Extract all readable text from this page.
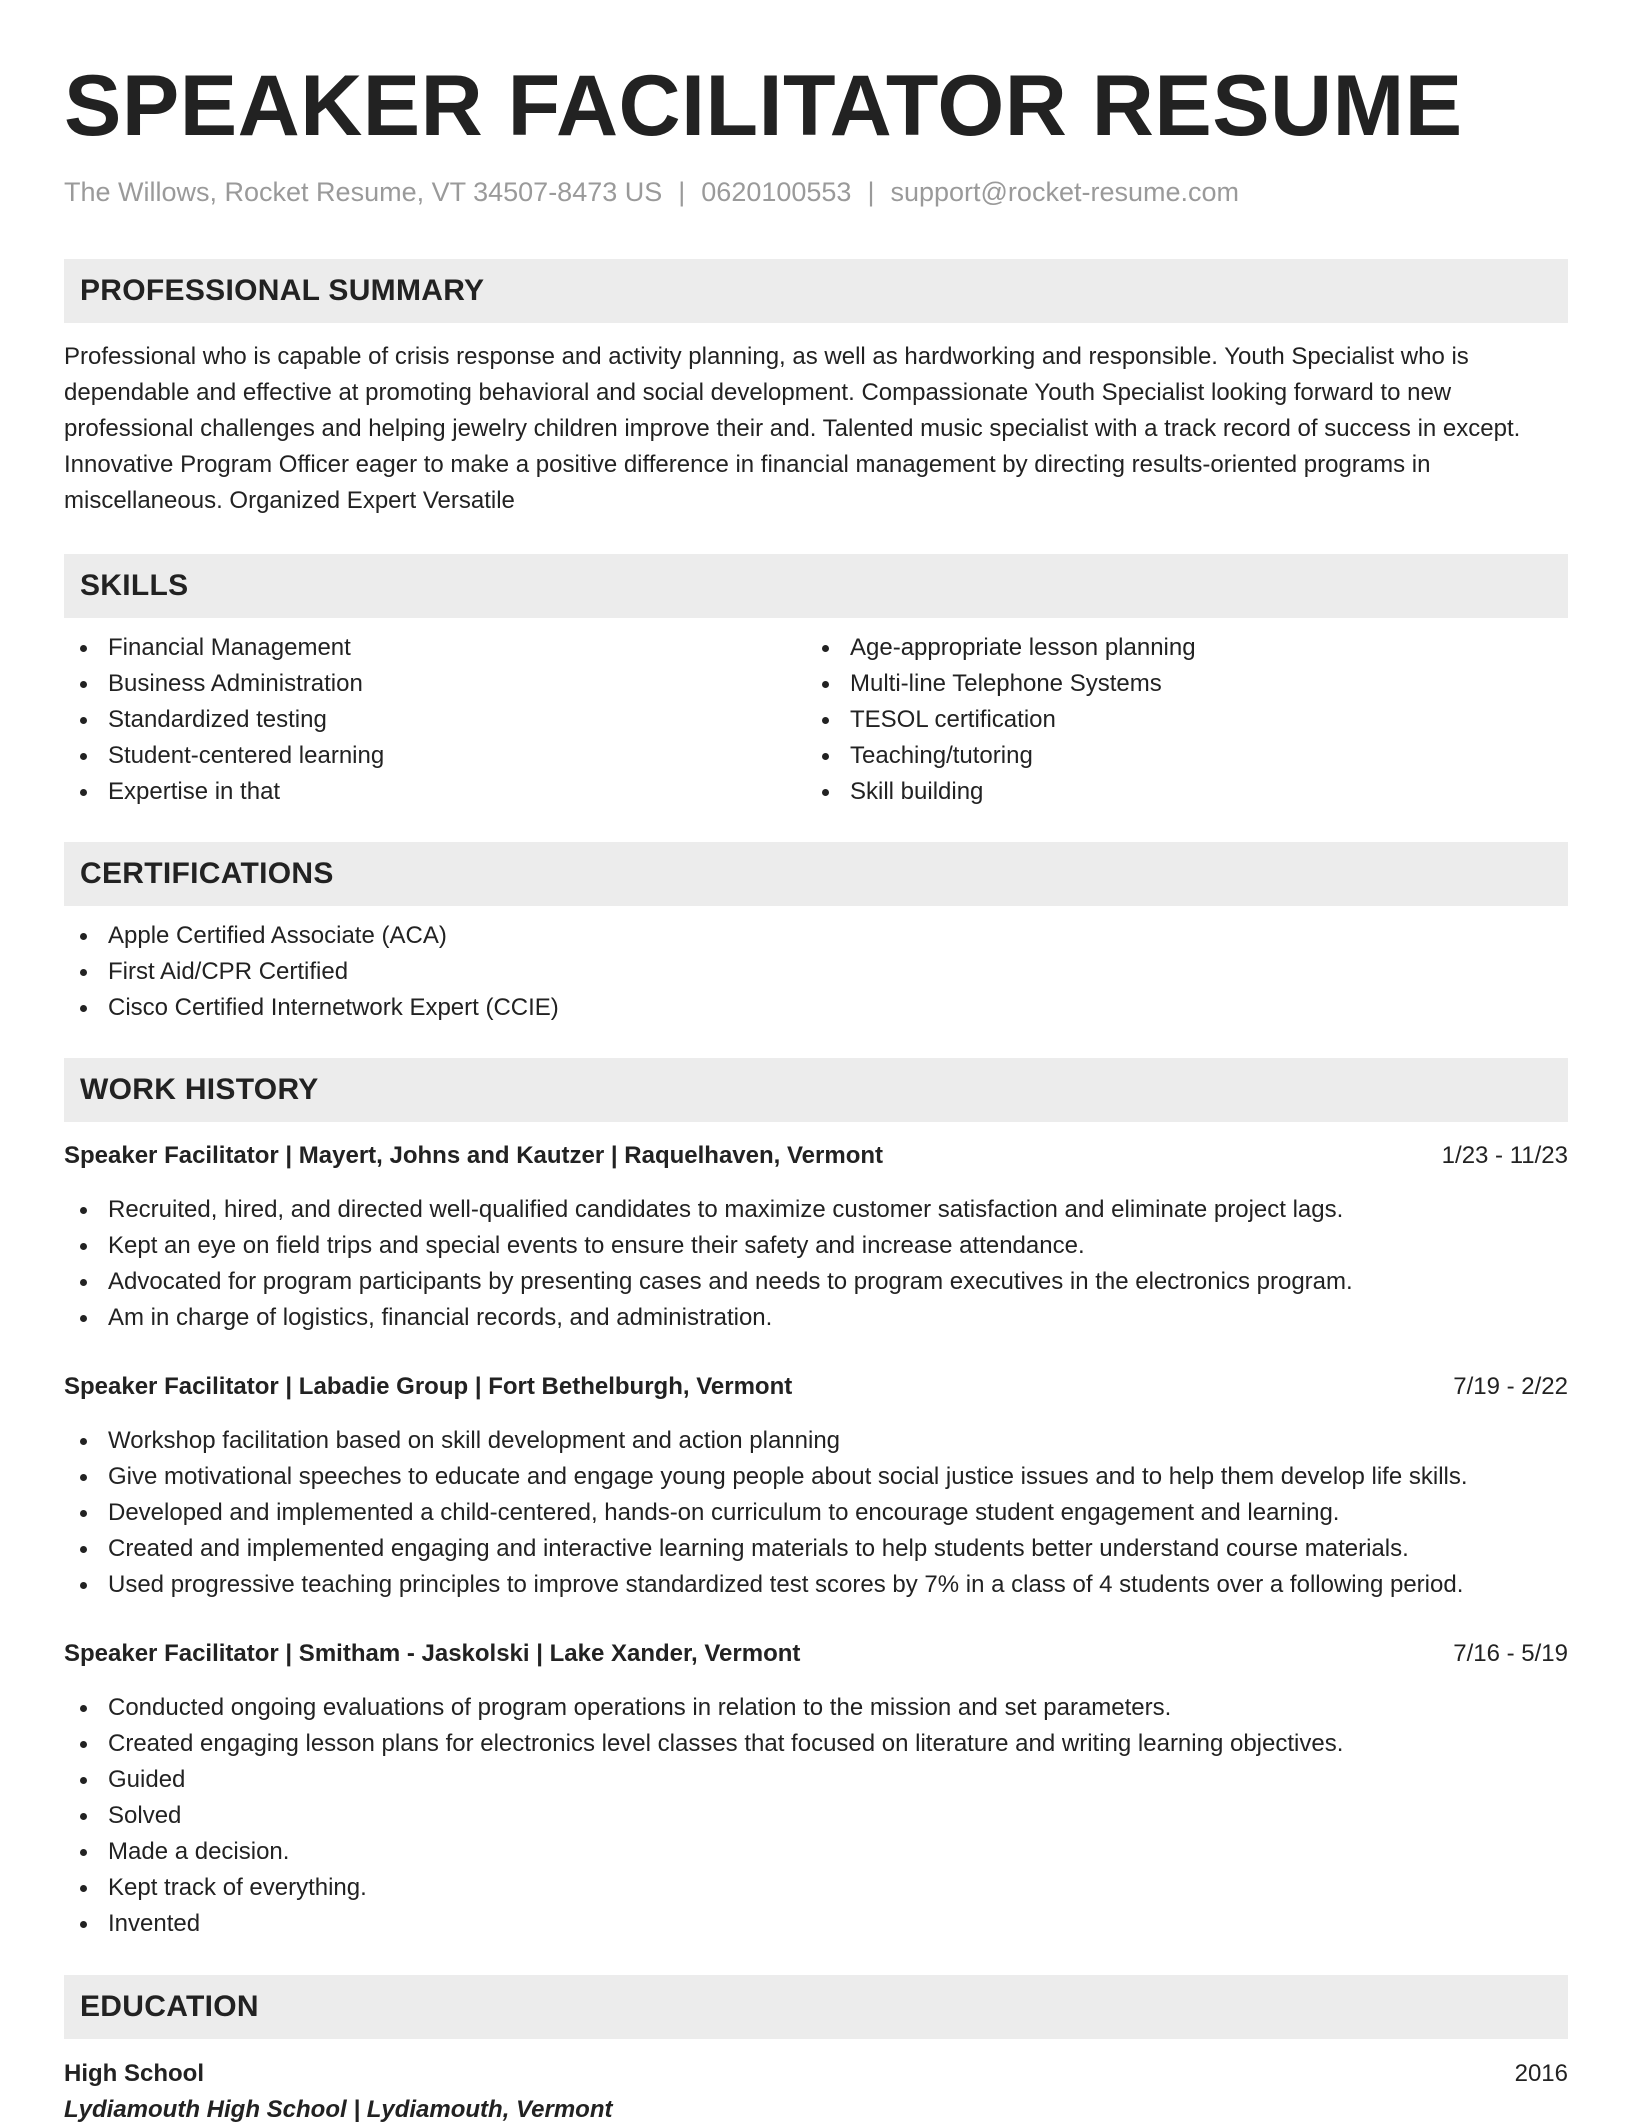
SPEAKER FACILITATOR RESUME
The Willows, Rocket Resume, VT 34507-8473 US | 0620100553 | support@rocket-resume.com
PROFESSIONAL SUMMARY

Professional who is capable of crisis response and activity planning, as well as hardworking and responsible. Youth Specialist who is dependable and effective at promoting behavioral and social development. Compassionate Youth Specialist looking forward to new professional challenges and helping jewelry children improve their and. Talented music specialist with a track record of success in except. Innovative Program Officer eager to make a positive difference in financial management by directing results-oriented programs in miscellaneous. Organized Expert Versatile

SKILLS
Financial Management
Business Administration
Standardized testing
Student-centered learning
Expertise in that
Age-appropriate lesson planning
Multi-line Telephone Systems
TESOL certification
Teaching/tutoring
Skill building
CERTIFICATIONS
Apple Certified Associate (ACA)
First Aid/CPR Certified
Cisco Certified Internetwork Expert (CCIE)
WORK HISTORY
Speaker Facilitator | Mayert, Johns and Kautzer | Raquelhaven, Vermont	1/23 - 11/23
Recruited, hired, and directed well-qualified candidates to maximize customer satisfaction and eliminate project lags.
Kept an eye on field trips and special events to ensure their safety and increase attendance.
Advocated for program participants by presenting cases and needs to program executives in the electronics program.
Am in charge of logistics, financial records, and administration.
Speaker Facilitator | Labadie Group | Fort Bethelburgh, Vermont	7/19 - 2/22
Workshop facilitation based on skill development and action planning
Give motivational speeches to educate and engage young people about social justice issues and to help them develop life skills.
Developed and implemented a child-centered, hands-on curriculum to encourage student engagement and learning.
Created and implemented engaging and interactive learning materials to help students better understand course materials.
Used progressive teaching principles to improve standardized test scores by 7% in a class of 4 students over a following period.
Speaker Facilitator | Smitham - Jaskolski | Lake Xander, Vermont	7/16 - 5/19
Conducted ongoing evaluations of program operations in relation to the mission and set parameters.
Created engaging lesson plans for electronics level classes that focused on literature and writing learning objectives.
Guided
Solved
Made a decision.
Kept track of everything.
Invented
EDUCATION
High School	2016
Lydiamouth High School | Lydiamouth, Vermont
